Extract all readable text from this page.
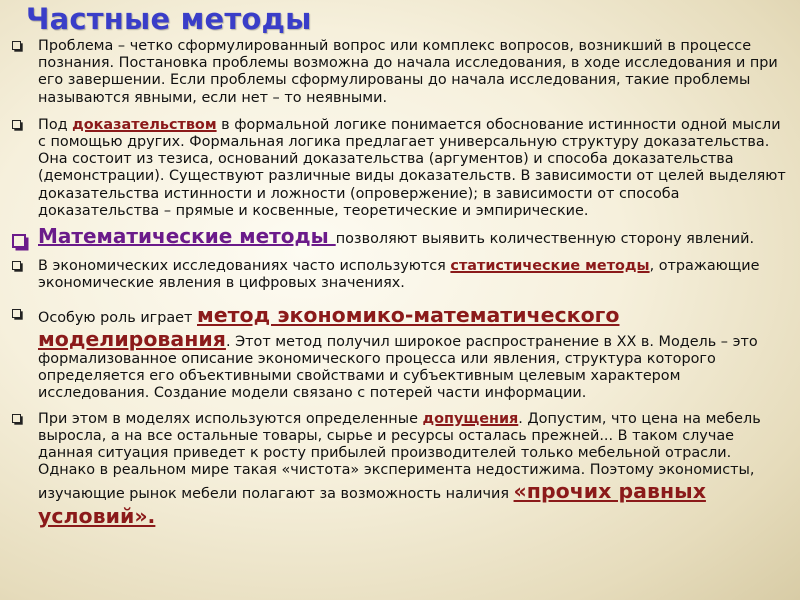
Частные методы
Проблема – четко сформулированный вопрос или комплекс вопросов, возникший в процессе познания. Постановка проблемы возможна до начала исследования, в ходе исследования и при его завершении. Если проблемы сформулированы до начала исследования, такие проблемы называются явными, если нет – то неявными.
Под доказательством в формальной логике понимается обоснование истинности одной мысли с помощью других. Формальная логика предлагает универсальную структуру доказательства. Она состоит из тезиса, оснований доказательства (аргументов) и способа доказательства (демонстрации). Существуют различные виды доказательств. В зависимости от целей выделяют доказательства истинности и ложности (опровержение); в зависимости от способа доказательства – прямые и косвенные, теоретические и эмпирические.
Математические методы позволяют выявить количественную сторону явлений.
В экономических исследованиях часто используются статистические методы, отражающие экономические явления в цифровых значениях.
Особую роль играет метод экономико-математического моделирования. Этот метод получил широкое распространение в ХХ в. Модель – это формализованное описание экономического процесса или явления, структура которого определяется его объективными свойствами и субъективным целевым характером исследования. Создание модели связано с потерей части информации.
При этом в моделях используются определенные допущения. Допустим, что цена на мебель выросла, а на все остальные товары, сырье и ресурсы осталась прежней... В таком случае данная ситуация приведет к росту прибылей производителей только мебельной отрасли. Однако в реальном мире такая «чистота» эксперимента недостижима. Поэтому экономисты, изучающие рынок мебели полагают за возможность наличия «прочих равных условий».
